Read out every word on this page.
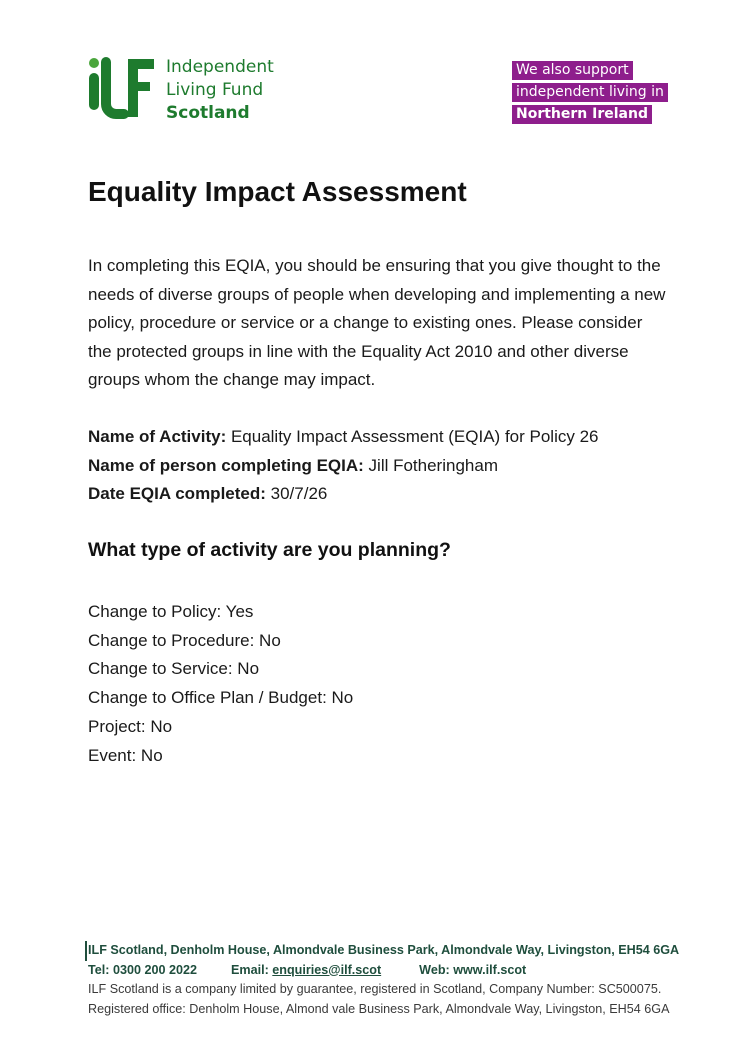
Independent
Living Fund
Scotland
We also support
independent living in
Northern Ireland
Equality Impact Assessment

In completing this EQIA, you should be ensuring that you give thought to the needs of diverse groups of people when developing and implementing a new policy, procedure or service or a change to existing ones. Please consider the protected groups in line with the Equality Act 2010 and other diverse groups whom the change may impact.

Name of Activity: Equality Impact Assessment (EQIA) for Policy 26
Name of person completing EQIA: Jill Fotheringham
Date EQIA completed: 30/7/26
What type of activity are you planning?
Change to Policy: Yes
Change to Procedure: No
Change to Service: No
Change to Office Plan / Budget: No
Project: No
Event: No
ILF Scotland, Denholm House, Almondvale Business Park, Almondvale Way, Livingston, EH54 6GA
Tel: 0300 200 2022	Email: enquiries@ilf.scot	Web: www.ilf.scot
ILF Scotland is a company limited by guarantee, registered in Scotland, Company Number: SC500075.
Registered office: Denholm House, Almond vale Business Park, Almondvale Way, Livingston, EH54 6GA
